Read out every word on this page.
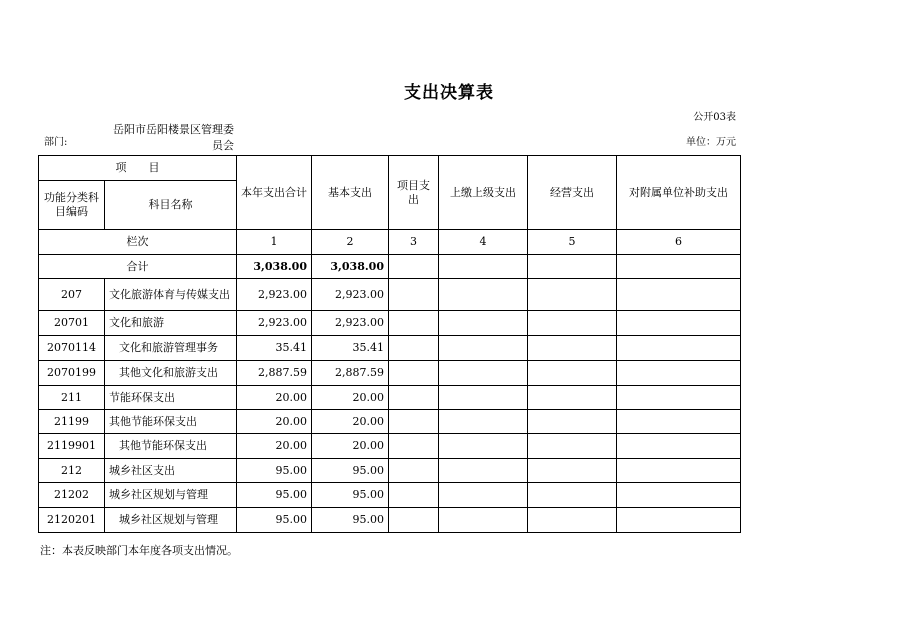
支出决算表
公开03表
部门:
岳阳市岳阳楼景区管理委员会	单位：万元
项　　目		本年支出合计	基本支出	项目支出	上缴上级支出	经营支出	对附属单位补助支出
功能分类科目编码	科目名称						
栏次		1	2	3	4	5	6
合计		3,038.00	3,038.00				
207	文化旅游体育与传媒支出	2,923.00	2,923.00				
20701	文化和旅游	2,923.00	2,923.00				
2070114	文化和旅游管理事务	35.41	35.41				
2070199	其他文化和旅游支出	2,887.59	2,887.59				
211	节能环保支出	20.00	20.00				
21199	其他节能环保支出	20.00	20.00				
2119901	其他节能环保支出	20.00	20.00				
212	城乡社区支出	95.00	95.00				
21202	城乡社区规划与管理	95.00	95.00				
2120201	城乡社区规划与管理	95.00	95.00				
注：本表反映部门本年度各项支出情况。
